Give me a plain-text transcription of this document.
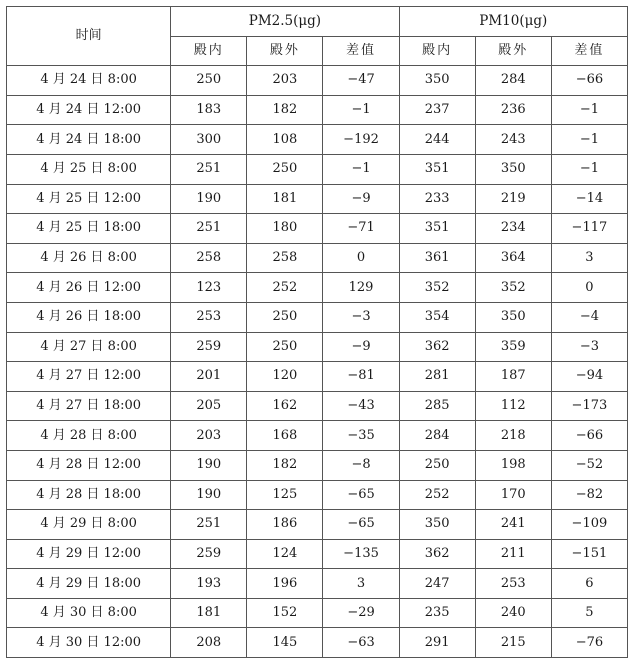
时间	PM2.5(μg)			PM10(μg)		
	殿内	殿外	差值	殿内	殿外	差值
4 月 24 日 8:00	250	203	−47	350	284	−66
4 月 24 日 12:00	183	182	−1	237	236	−1
4 月 24 日 18:00	300	108	−192	244	243	−1
4 月 25 日 8:00	251	250	−1	351	350	−1
4 月 25 日 12:00	190	181	−9	233	219	−14
4 月 25 日 18:00	251	180	−71	351	234	−117
4 月 26 日 8:00	258	258	0	361	364	3
4 月 26 日 12:00	123	252	129	352	352	0
4 月 26 日 18:00	253	250	−3	354	350	−4
4 月 27 日 8:00	259	250	−9	362	359	−3
4 月 27 日 12:00	201	120	−81	281	187	−94
4 月 27 日 18:00	205	162	−43	285	112	−173
4 月 28 日 8:00	203	168	−35	284	218	−66
4 月 28 日 12:00	190	182	−8	250	198	−52
4 月 28 日 18:00	190	125	−65	252	170	−82
4 月 29 日 8:00	251	186	−65	350	241	−109
4 月 29 日 12:00	259	124	−135	362	211	−151
4 月 29 日 18:00	193	196	3	247	253	6
4 月 30 日 8:00	181	152	−29	235	240	5
4 月 30 日 12:00	208	145	−63	291	215	−76
